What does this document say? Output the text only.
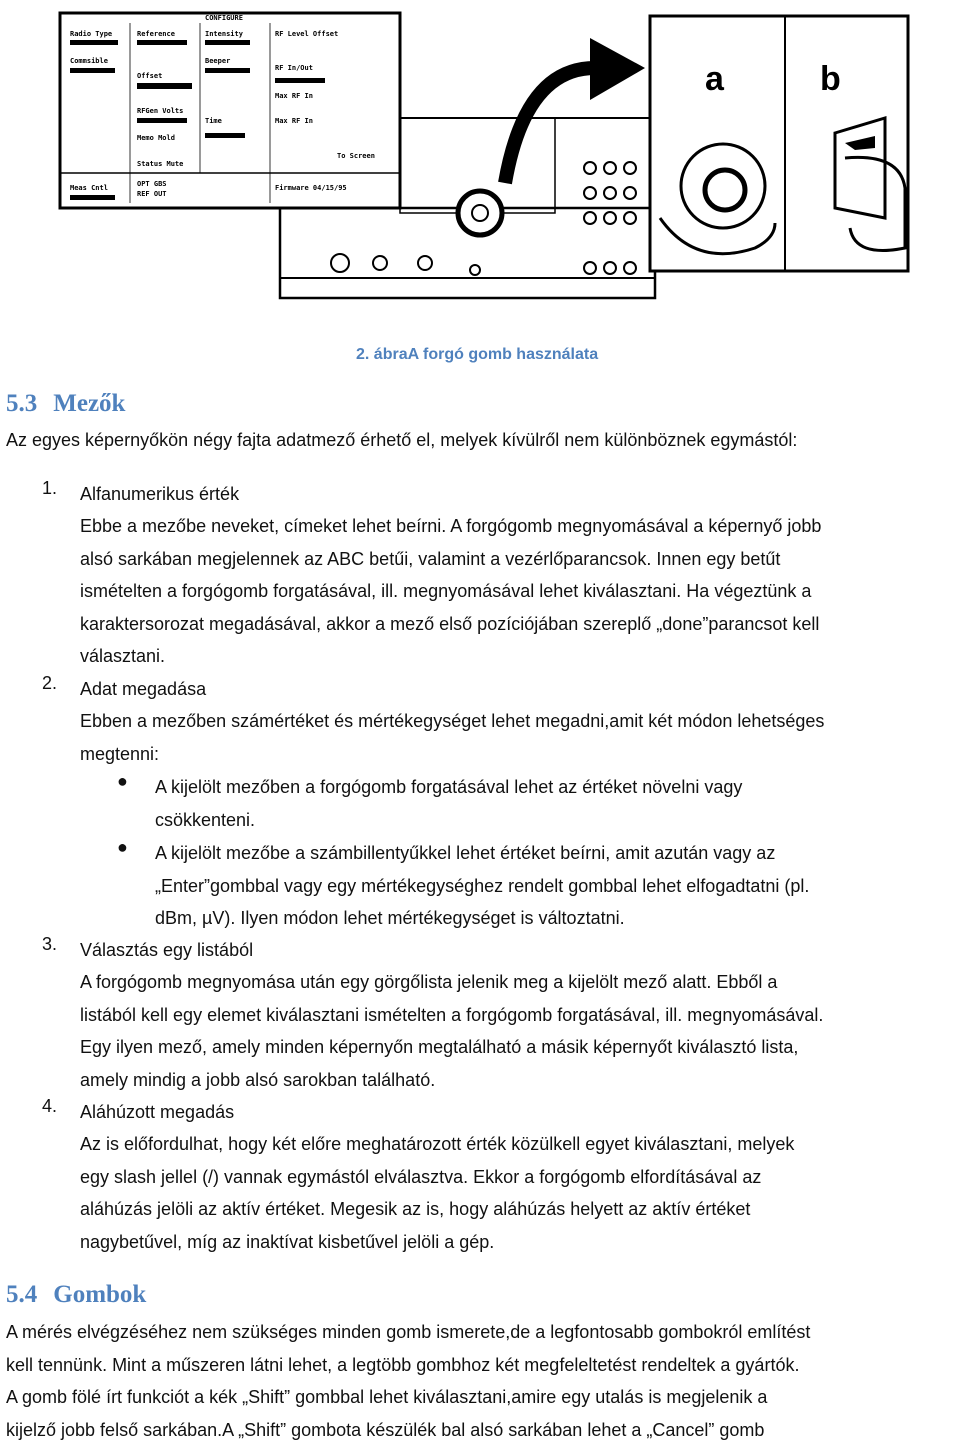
CONFIGURE
Radio Type	Reference	Intensity	RF Level Offset
Commsible
Offset
Beeper
RF In/Out
RFGen Volts
Max RF In
Time	Max RF In
Memo Mold
Status Mute
To Screen
Meas Cntl	OPT GBS
REF OUT
Firmware 04/15/95
a	b
2. ábraA forgó gomb használata
5.3 Mezők
Az egyes képernyőkön négy fajta adatmező érhető el, melyek kívülről nem különböznek egymástól:
1. Alfanumerikus érték
Ebbe a mezőbe neveket, címeket lehet beírni. A forgógomb megnyomásával a képernyő jobb
alsó sarkában megjelennek az ABC betűi, valamint a vezérlőparancsok. Innen egy betűt
ismételten a forgógomb forgatásával, ill. megnyomásával lehet kiválasztani. Ha végeztünk a
karaktersorozat megadásával, akkor a mező első pozíciójában szereplő „done”parancsot kell
választani.
2. Adat megadása
Ebben a mezőben számértéket és mértékegységet lehet megadni,amit két módon lehetséges
megtenni:
● A kijelölt mezőben a forgógomb forgatásával lehet az értéket növelni vagy
csökkenteni.
● A kijelölt mezőbe a számbillentyűkkel lehet értéket beírni, amit azután vagy az
„Enter”gombbal vagy egy mértékegységhez rendelt gombbal lehet elfogadtatni (pl.
dBm, µV). Ilyen módon lehet mértékegységet is változtatni.
3. Választás egy listából
A forgógomb megnyomása után egy görgőlista jelenik meg a kijelölt mező alatt. Ebből a
listából kell egy elemet kiválasztani ismételten a forgógomb forgatásával, ill. megnyomásával.
Egy ilyen mező, amely minden képernyőn megtalálható a másik képernyőt kiválasztó lista,
amely mindig a jobb alsó sarokban található.
4. Aláhúzott megadás
Az is előfordulhat, hogy két előre meghatározott érték közülkell egyet kiválasztani, melyek
egy slash jellel (/) vannak egymástól elválasztva. Ekkor a forgógomb elfordításával az
aláhúzás jelöli az aktív értéket. Megesik az is, hogy aláhúzás helyett az aktív értéket
nagybetűvel, míg az inaktívat kisbetűvel jelöli a gép.
5.4 Gombok
A mérés elvégzéséhez nem szükséges minden gomb ismerete,de a legfontosabb gombokról említést
kell tennünk. Mint a műszeren látni lehet, a legtöbb gombhoz két megfeleltetést rendeltek a gyártók.
A gomb fölé írt funkciót a kék „Shift” gombbal lehet kiválasztani,amire egy utalás is megjelenik a
kijelző jobb felső sarkában.A „Shift” gombota készülék bal alsó sarkában lehet a „Cancel” gomb
